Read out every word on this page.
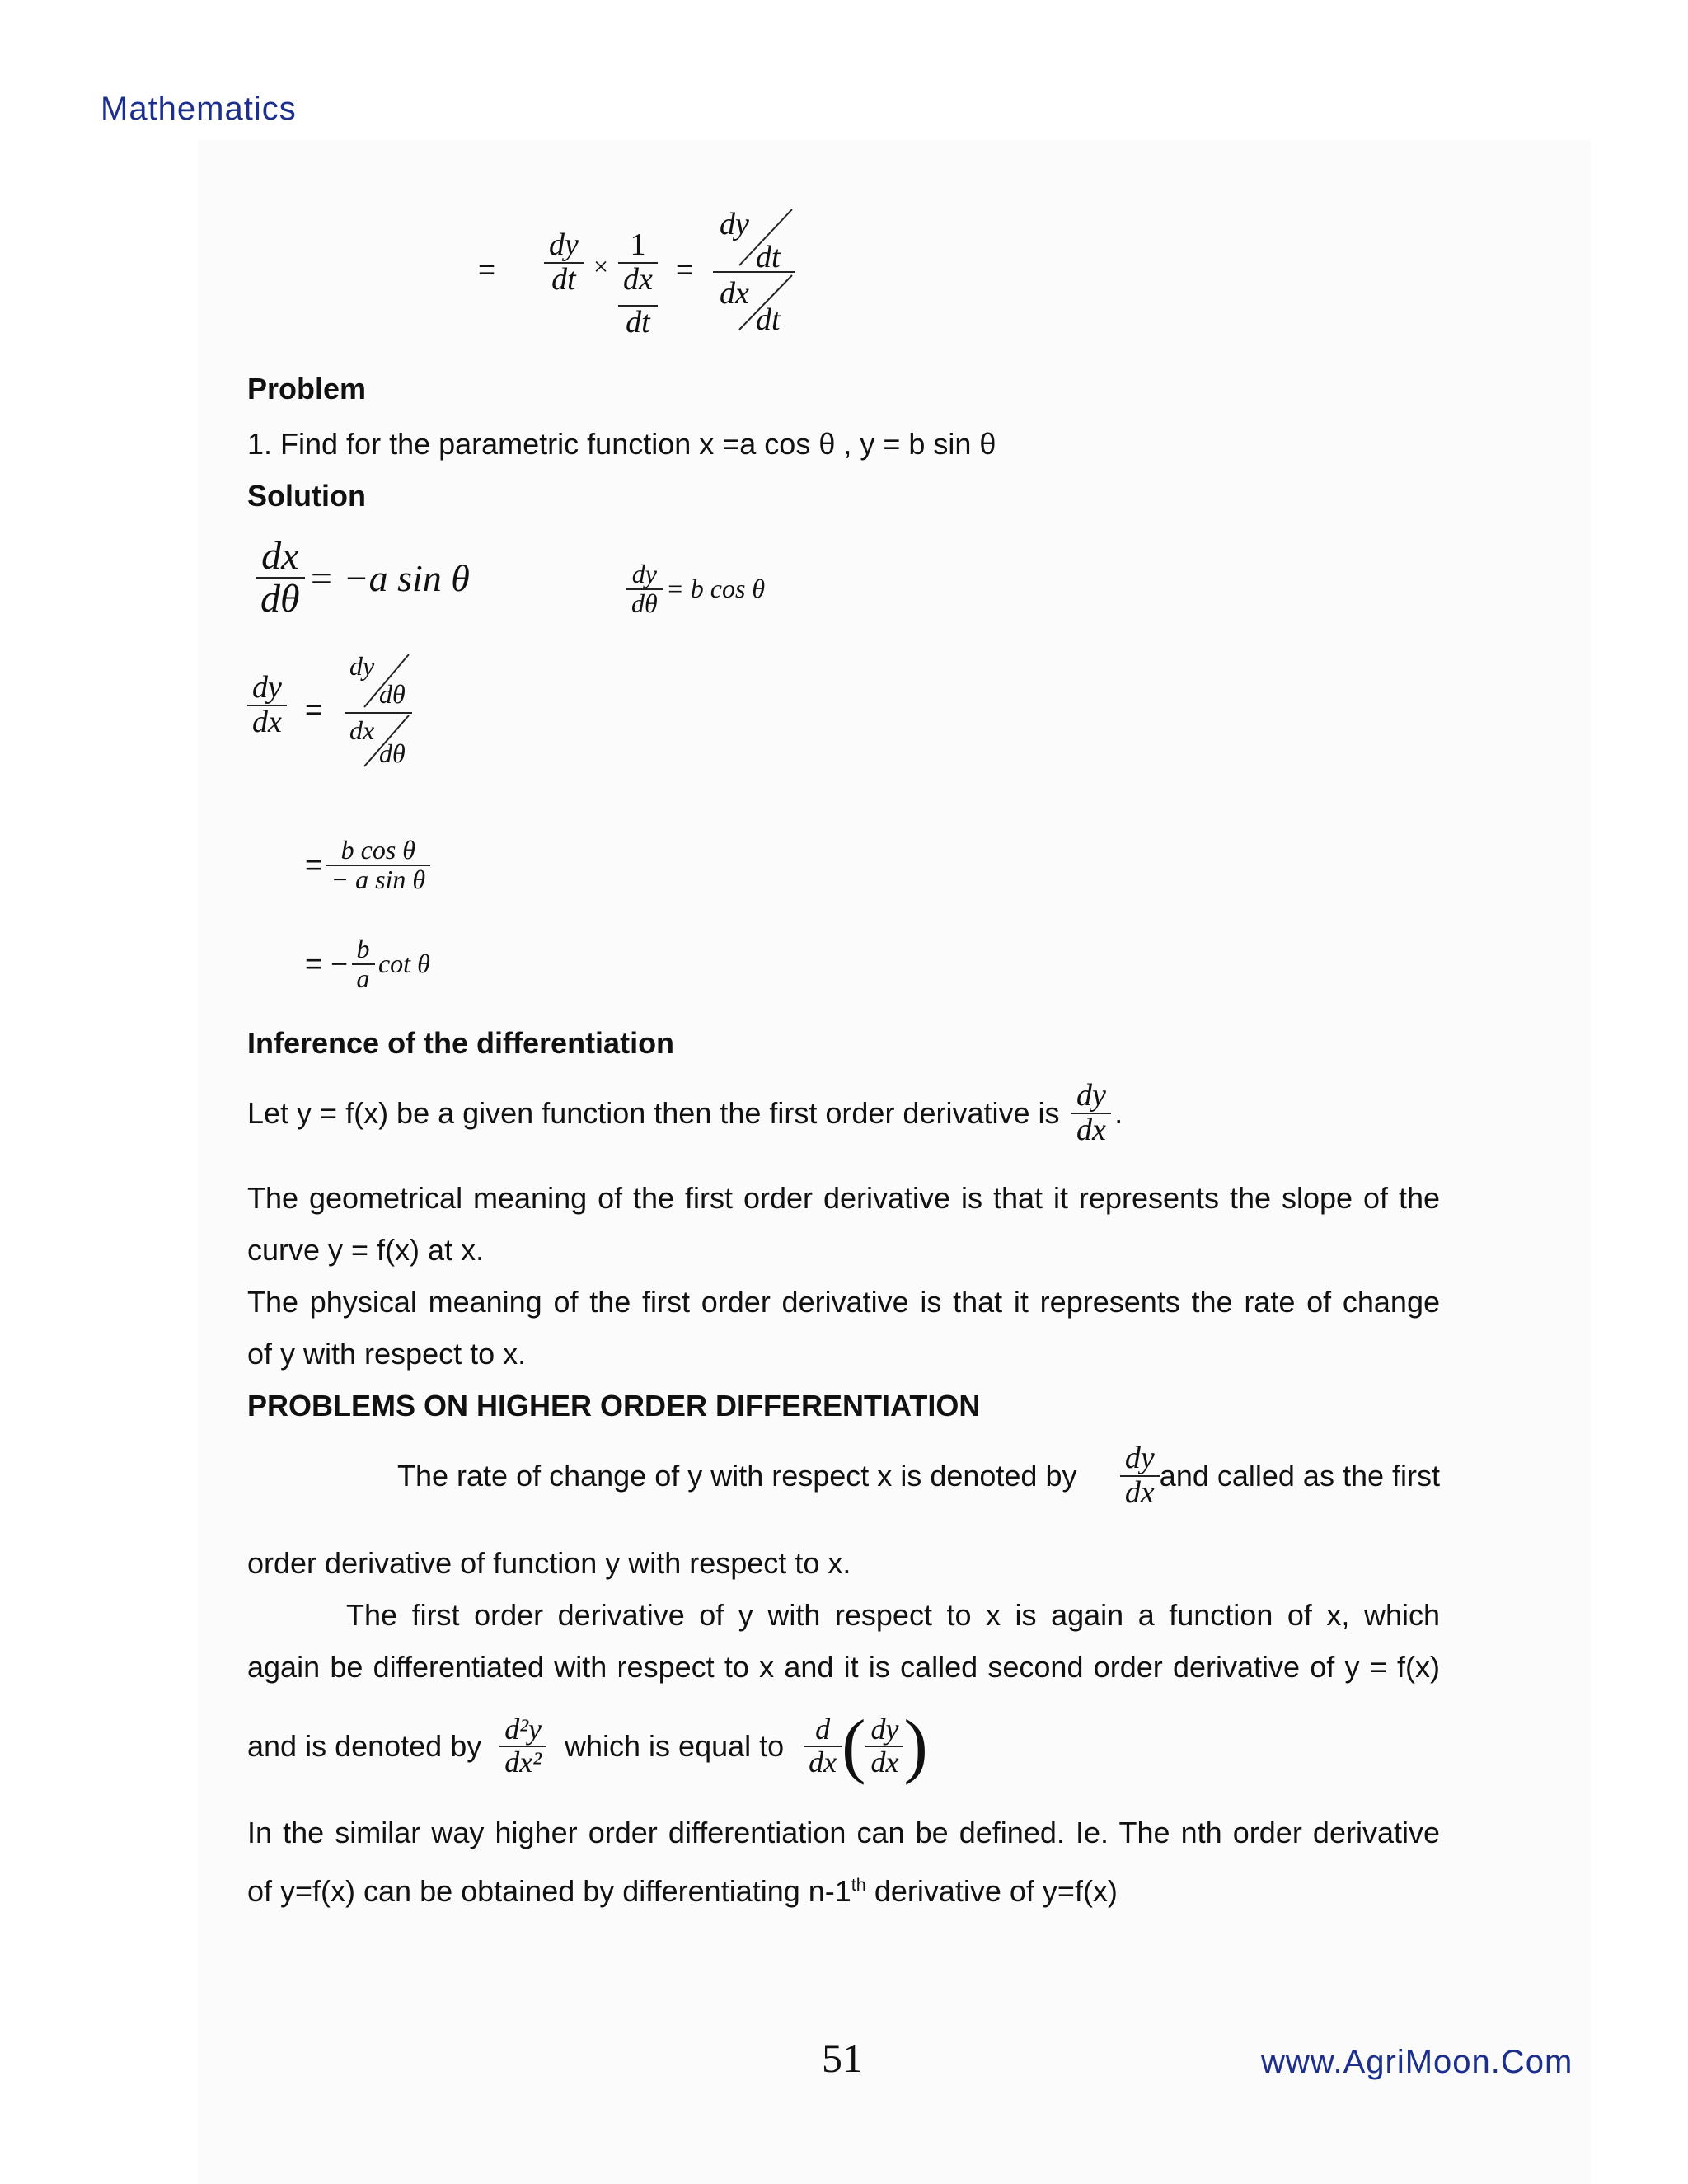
Mathematics
=
dy
dt ×
1
dx
dt
=
dy
dt
dx
dt
Problem
1. Find for the parametric function x =a cos θ , y = b sin θ
Solution
$\frac{dx}{d\theta} = -a$ sin θ	$\frac{dy}{d\theta} = b$ cos θ
dy
dx =
dy
dθ
dx
dθ
= $\frac{\text{b cos θ}}{\text{− a sin θ}}$
= − $\frac{b}{a}$ cot θ
Inference of the differentiation
Let y = f(x) be a given function then the first order derivative is $\frac{dy}{dx}$ .
The geometrical meaning of the first order derivative is that it represents the slope of the
curve y = f(x) at x.
The physical meaning of the first order derivative is that it represents the rate of change
of y with respect to x.
PROBLEMS ON HIGHER ORDER DIFFERENTIATION
The rate of change of y with respect x is denoted by $\frac{dy}{dx}$ and called as the first
order derivative of function y with respect to x.
The first order derivative of y with respect to x is again a function of x, which
again be differentiated with respect to x and it is called second order derivative of y = f(x)
and is denoted by $\frac{\text{d²y}}{\text{dx²}}$ which is equal to $\frac{d}{dx}$ ( $\frac{dy}{dx}$ )
In the similar way higher order differentiation can be defined. Ie. The nth order derivative
of y=f(x) can be obtained by differentiating n-1th derivative of y=f(x)
51	www.AgriMoon.Com
